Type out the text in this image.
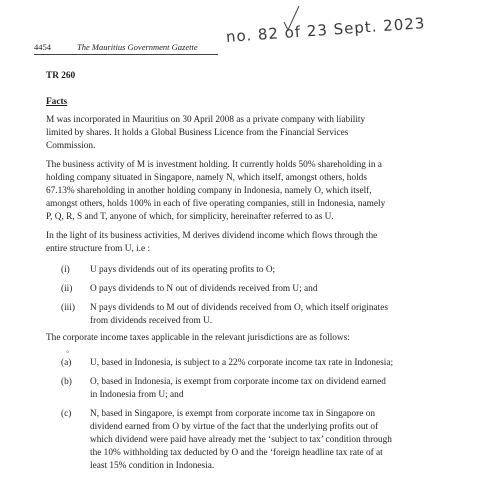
4454	The Mauritius Government Gazette
no. 82 of 23 Sept. 2023
TR 260
Facts
M was incorporated in Mauritius on 30 April 2008 as a private company with liability
limited by shares. It holds a Global Business Licence from the Financial Services
Commission.
The business activity of M is investment holding. It currently holds 50% shareholding in a
holding company situated in Singapore, namely N, which itself, amongst others, holds
67.13% shareholding in another holding company in Indonesia, namely O, which itself,
amongst others, holds 100% in each of five operating companies, still in Indonesia, namely
P, Q, R, S and T, anyone of which, for simplicity, hereinafter referred to as U.
In the light of its business activities, M derives dividend income which flows through the
entire structure from U, i.e :
(i) U pays dividends out of its operating profits to O;
(ii) O pays dividends to N out of dividends received from U; and
(iii) N pays dividends to M out of dividends received from O, which itself originates
from dividends received from U.
The corporate income taxes applicable in the relevant jurisdictions are as follows:
°
(a) U, based in Indonesia, is subject to a 22% corporate income tax rate in Indonesia;
(b) O, based in Indonesia, is exempt from corporate income tax on dividend earned
in Indonesia from U; and
(c) N, based in Singapore, is exempt from corporate income tax in Singapore on
dividend earned from O by virtue of the fact that the underlying profits out of
which dividend were paid have already met the ‘subject to tax’ condition through
the 10% withholding tax deducted by O and the ‘foreign headline tax rate of at
least 15% condition in Indonesia.
